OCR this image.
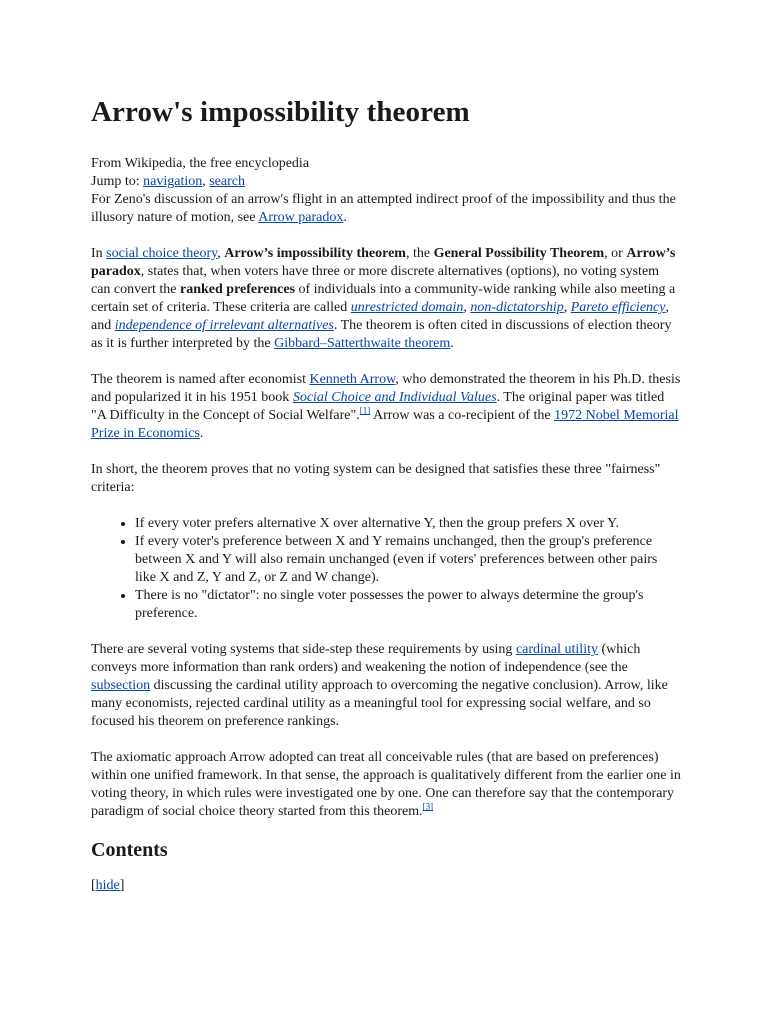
Arrow's impossibility theorem

From Wikipedia, the free encyclopedia

Jump to: navigation, search

For Zeno's discussion of an arrow's flight in an attempted indirect proof of the impossibility and thus the illusory nature of motion, see Arrow paradox.

In social choice theory, Arrow’s impossibility theorem, the General Possibility Theorem, or Arrow’s paradox, states that, when voters have three or more discrete alternatives (options), no voting system can convert the ranked preferences of individuals into a community-wide ranking while also meeting a certain set of criteria. These criteria are called unrestricted domain, non-dictatorship, Pareto efficiency, and independence of irrelevant alternatives. The theorem is often cited in discussions of election theory as it is further interpreted by the Gibbard–Satterthwaite theorem.

The theorem is named after economist Kenneth Arrow, who demonstrated the theorem in his Ph.D. thesis and popularized it in his 1951 book Social Choice and Individual Values. The original paper was titled "A Difficulty in the Concept of Social Welfare".[1] Arrow was a co-recipient of the 1972 Nobel Memorial Prize in Economics.

In short, the theorem proves that no voting system can be designed that satisfies these three "fairness" criteria:

• If every voter prefers alternative X over alternative Y, then the group prefers X over Y.
• If every voter's preference between X and Y remains unchanged, then the group's preference between X and Y will also remain unchanged (even if voters' preferences between other pairs like X and Z, Y and Z, or Z and W change).
• There is no "dictator": no single voter possesses the power to always determine the group's preference.

There are several voting systems that side-step these requirements by using cardinal utility (which conveys more information than rank orders) and weakening the notion of independence (see the subsection discussing the cardinal utility approach to overcoming the negative conclusion). Arrow, like many economists, rejected cardinal utility as a meaningful tool for expressing social welfare, and so focused his theorem on preference rankings.

The axiomatic approach Arrow adopted can treat all conceivable rules (that are based on preferences) within one unified framework. In that sense, the approach is qualitatively different from the earlier one in voting theory, in which rules were investigated one by one. One can therefore say that the contemporary paradigm of social choice theory started from this theorem.[3]

Contents

[hide]
